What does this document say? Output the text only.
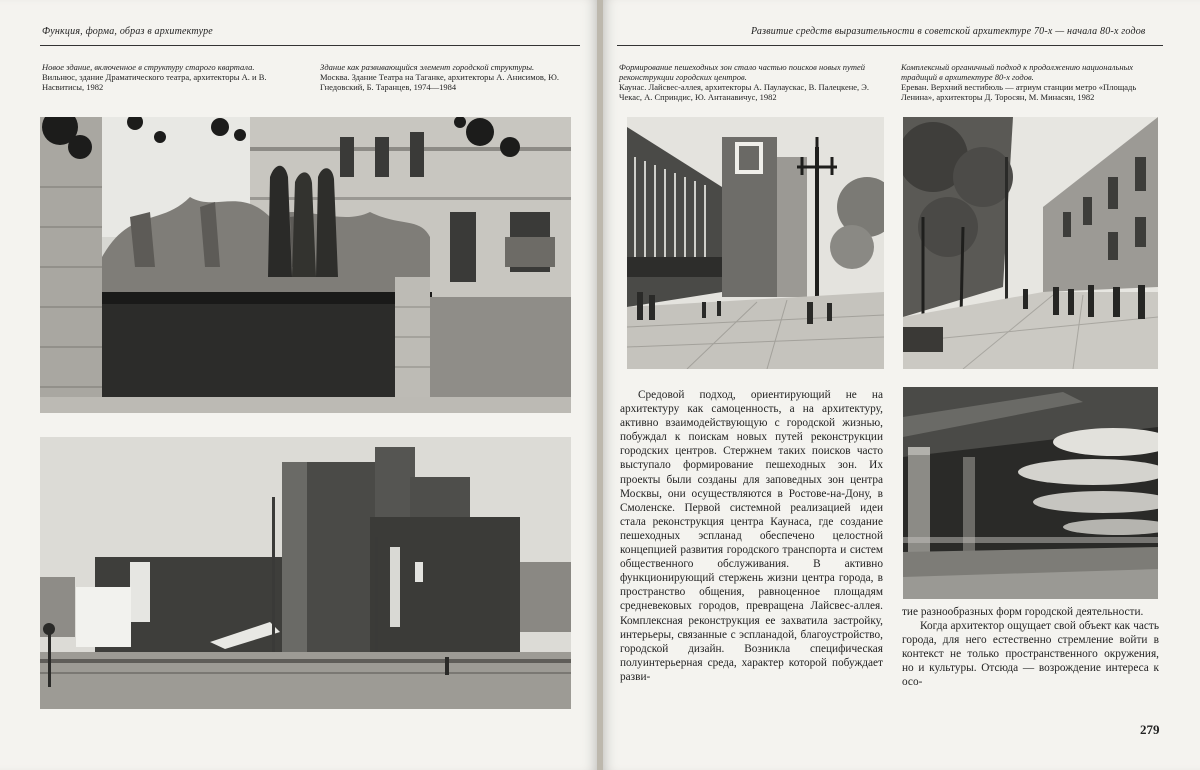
Функция, форма, образ в архитектуре
Новое здание, включенное в структуру старого квартала.
Вильнюс, здание Драматического театра, архитекторы А. и В. Насвитисы, 1982
Здание как развивающийся элемент городской структуры.
Москва. Здание Театра на Таганке, архитекторы А. Анисимов, Ю. Гнедовский, Б. Таранцев, 1974—1984
Развитие средств выразительности в советской архитектуре 70-х — начала 80-х годов
Формирование пешеходных зон стало частью поисков новых путей реконструкции городских центров.
Каунас. Лайсвес-аллея, архитекторы А. Паулаускас, В. Палецкене, Э. Чекас, А. Сприндис, Ю. Антанавичус, 1982
Комплексный органичный подход к продолжению национальных традиций в архитектуре 80-х годов.
Ереван. Верхний вестибюль — атриум станции метро «Площадь Ленина», архитекторы Д. Торосян, М. Минасян, 1982

Средовой подход, ориентирующий не на архитектуру как самоценность, а на архитектуру, активно взаимодействующую с городской жизнью, побуждал к поискам новых путей реконструкции городских центров. Стержнем таких поисков часто выступало формирование пешеходных зон. Их проекты были созданы для заповедных зон центра Москвы, они осуществляются в Ростове-на-Дону, в Смоленске. Первой системной реализацией идеи стала реконструкция центра Каунаса, где создание пешеходных эспланад обеспечено целостной концепцией развития городского транспорта и систем общественного обслуживания. В активно функционирующий стержень жизни центра города, в пространство общения, равноценное площадям средневековых городов, превращена Лайсвес-аллея. Комплексная реконструкция ее захватила застройку, интерьеры, связанные с эспланадой, благоустройство, городской дизайн. Возникла специфическая полуинтерьерная среда, характер которой побуждает разви-

тие разнообразных форм городской деятельности.

Когда архитектор ощущает свой объект как часть города, для него естественно стремление войти в контекст не только пространственного окружения, но и культуры. Отсюда — возрождение интереса к осо-

279
